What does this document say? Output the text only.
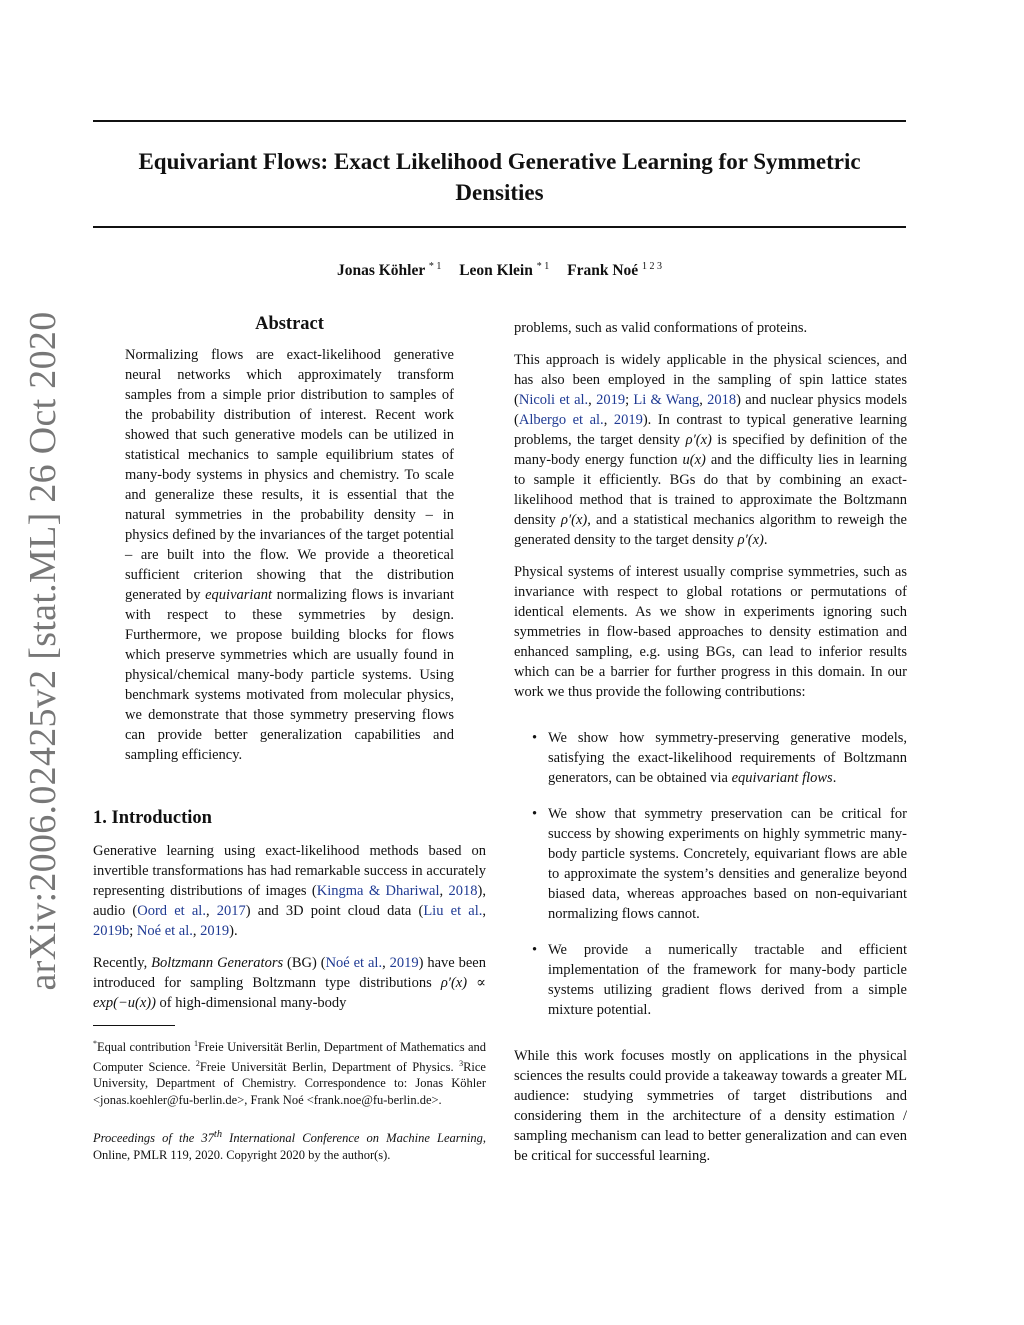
arXiv:2006.02425v2 [stat.ML] 26 Oct 2020
Equivariant Flows: Exact Likelihood Generative Learning for Symmetric Densities
Jonas Köhler $^{* 1}$ Leon Klein $^{* 1}$ Frank Noé $^{1 2 3}$
Abstract
Normalizing flows are exact-likelihood generative neural networks which approximately transform samples from a simple prior distribution to samples of the probability distribution of interest. Recent work showed that such generative models can be utilized in statistical mechanics to sample equilibrium states of many-body systems in physics and chemistry. To scale and generalize these results, it is essential that the natural symmetries in the probability density – in physics defined by the invariances of the target potential – are built into the flow. We provide a theoretical sufficient criterion showing that the distribution generated by equivariant normalizing flows is invariant with respect to these symmetries by design. Furthermore, we propose building blocks for flows which preserve symmetries which are usually found in physical/chemical many-body particle systems. Using benchmark systems motivated from molecular physics, we demonstrate that those symmetry preserving flows can provide better generalization capabilities and sampling efficiency.
1. Introduction

Generative learning using exact-likelihood methods based on invertible transformations has had remarkable success in accurately representing distributions of images (Kingma & Dhariwal, 2018), audio (Oord et al., 2017) and 3D point cloud data (Liu et al., 2019b; Noé et al., 2019).

Recently, Boltzmann Generators (BG) (Noé et al., 2019) have been introduced for sampling Boltzmann type distributions ρ′(x) ∝ exp(−u(x)) of high-dimensional many-body

*Equal contribution $^1$Freie Universität Berlin, Department of Mathematics and Computer Science. $^2$Freie Universität Berlin, Department of Physics. $^3$Rice University, Department of Chemistry. Correspondence to: Jonas Köhler <jonas.koehler@fu-berlin.de>, Frank Noé <frank.noe@fu-berlin.de>.
Proceedings of the 37th International Conference on Machine Learning, Online, PMLR 119, 2020. Copyright 2020 by the author(s).

problems, such as valid conformations of proteins.

This approach is widely applicable in the physical sciences, and has also been employed in the sampling of spin lattice states (Nicoli et al., 2019; Li & Wang, 2018) and nuclear physics models (Albergo et al., 2019). In contrast to typical generative learning problems, the target density ρ′(x) is specified by definition of the many-body energy function u(x) and the difficulty lies in learning to sample it efficiently. BGs do that by combining an exact-likelihood method that is trained to approximate the Boltzmann density ρ′(x), and a statistical mechanics algorithm to reweigh the generated density to the target density ρ′(x).

Physical systems of interest usually comprise symmetries, such as invariance with respect to global rotations or permutations of identical elements. As we show in experiments ignoring such symmetries in flow-based approaches to density estimation and enhanced sampling, e.g. using BGs, can lead to inferior results which can be a barrier for further progress in this domain. In our work we thus provide the following contributions:

• We show how symmetry-preserving generative models, satisfying the exact-likelihood requirements of Boltzmann generators, can be obtained via equivariant flows.
• We show that symmetry preservation can be critical for success by showing experiments on highly symmetric many-body particle systems. Concretely, equivariant flows are able to approximate the system’s densities and generalize beyond biased data, whereas approaches based on non-equivariant normalizing flows cannot.
• We provide a numerically tractable and efficient implementation of the framework for many-body particle systems utilizing gradient flows derived from a simple mixture potential.

While this work focuses mostly on applications in the physical sciences the results could provide a takeaway towards a greater ML audience: studying symmetries of target distributions and considering them in the architecture of a density estimation / sampling mechanism can lead to better generalization and can even be critical for successful learning.
